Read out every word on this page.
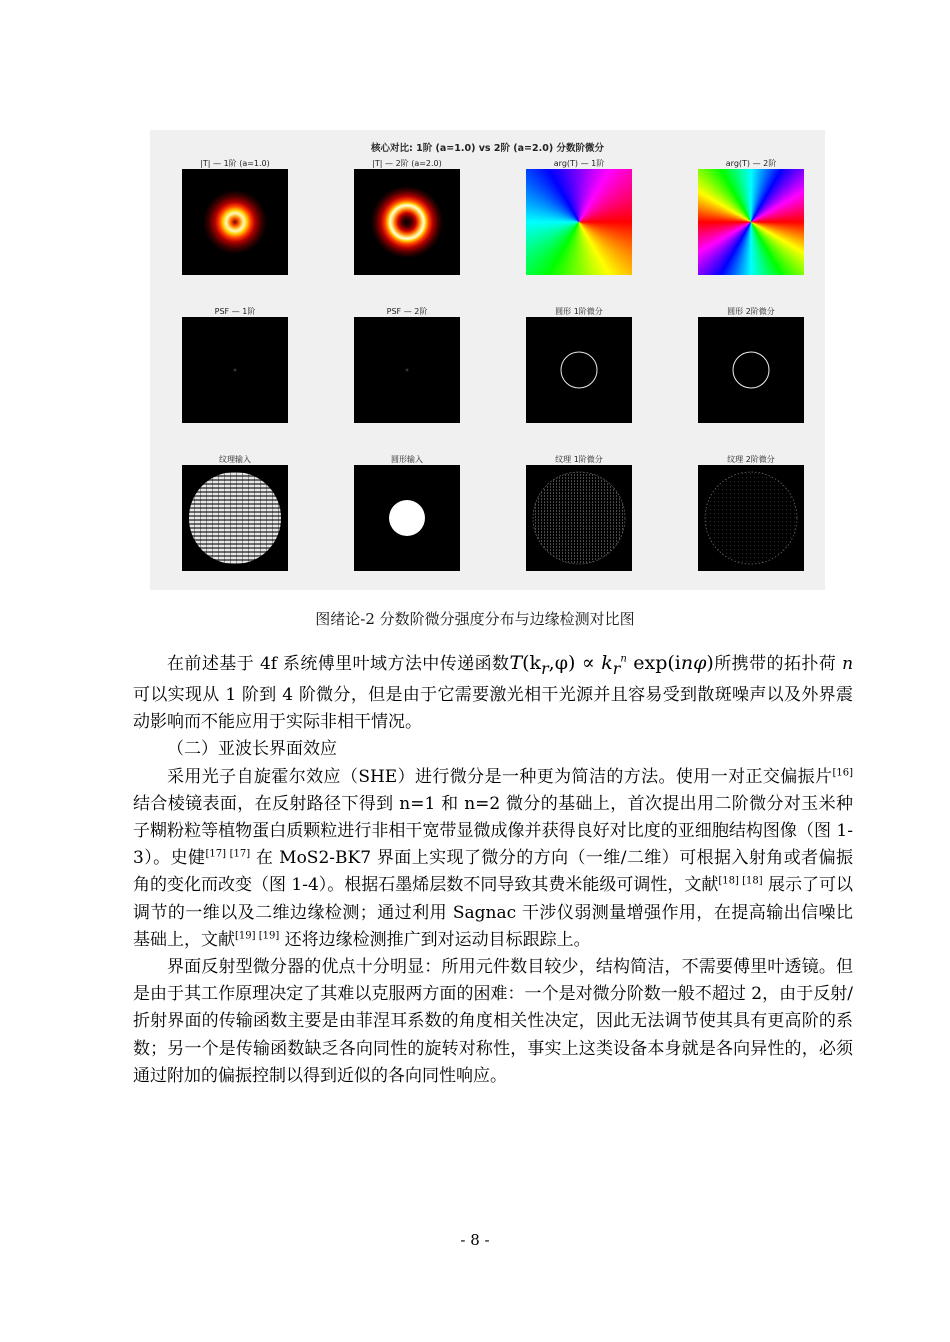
核心对比: 1阶 (a=1.0) vs 2阶 (a=2.0) 分数阶微分
|T| — 1阶 (a=1.0)	|T| — 2阶 (a=2.0)	arg(T) — 1阶	arg(T) — 2阶
PSF — 1阶	PSF — 2阶	圆形 1阶微分	圆形 2阶微分
纹理输入	圆形输入	纹理 1阶微分	纹理 2阶微分
图绪论-2 分数阶微分强度分布与边缘检测对比图

在前述基于 4f 系统傅里叶域方法中传递函数$T(k_r,\varphi) \propto k_r^n$ exp(inφ)所携带的拓扑荷 n 可以实现从 1 阶到 4 阶微分，但是由于它需要激光相干光源并且容易受到散斑噪声以及外界震动影响而不能应用于实际非相干情况。

（二）亚波长界面效应

采用光子自旋霍尔效应（SHE）进行微分是一种更为简洁的方法。使用一对正交偏振片[16] 结合棱镜表面，在反射路径下得到 n=1 和 n=2 微分的基础上，首次提出用二阶微分对玉米种子糊粉粒等植物蛋白质颗粒进行非相干宽带显微成像并获得良好对比度的亚细胞结构图像（图 1-3）。史健[17] [17] 在 MoS2-BK7 界面上实现了微分的方向（一维/二维）可根据入射角或者偏振角的变化而改变（图 1-4）。根据石墨烯层数不同导致其费米能级可调性，文献[18] [18] 展示了可以调节的一维以及二维边缘检测；通过利用 Sagnac 干涉仪弱测量增强作用，在提高输出信噪比基础上，文献[19] [19] 还将边缘检测推广到对运动目标跟踪上。

界面反射型微分器的优点十分明显：所用元件数目较少，结构简洁，不需要傅里叶透镜。但是由于其工作原理决定了其难以克服两方面的困难：一个是对微分阶数一般不超过 2，由于反射/折射界面的传输函数主要是由菲涅耳系数的角度相关性决定，因此无法调节使其具有更高阶的系数；另一个是传输函数缺乏各向同性的旋转对称性，事实上这类设备本身就是各向异性的，必须通过附加的偏振控制以得到近似的各向同性响应。

- 8 -
